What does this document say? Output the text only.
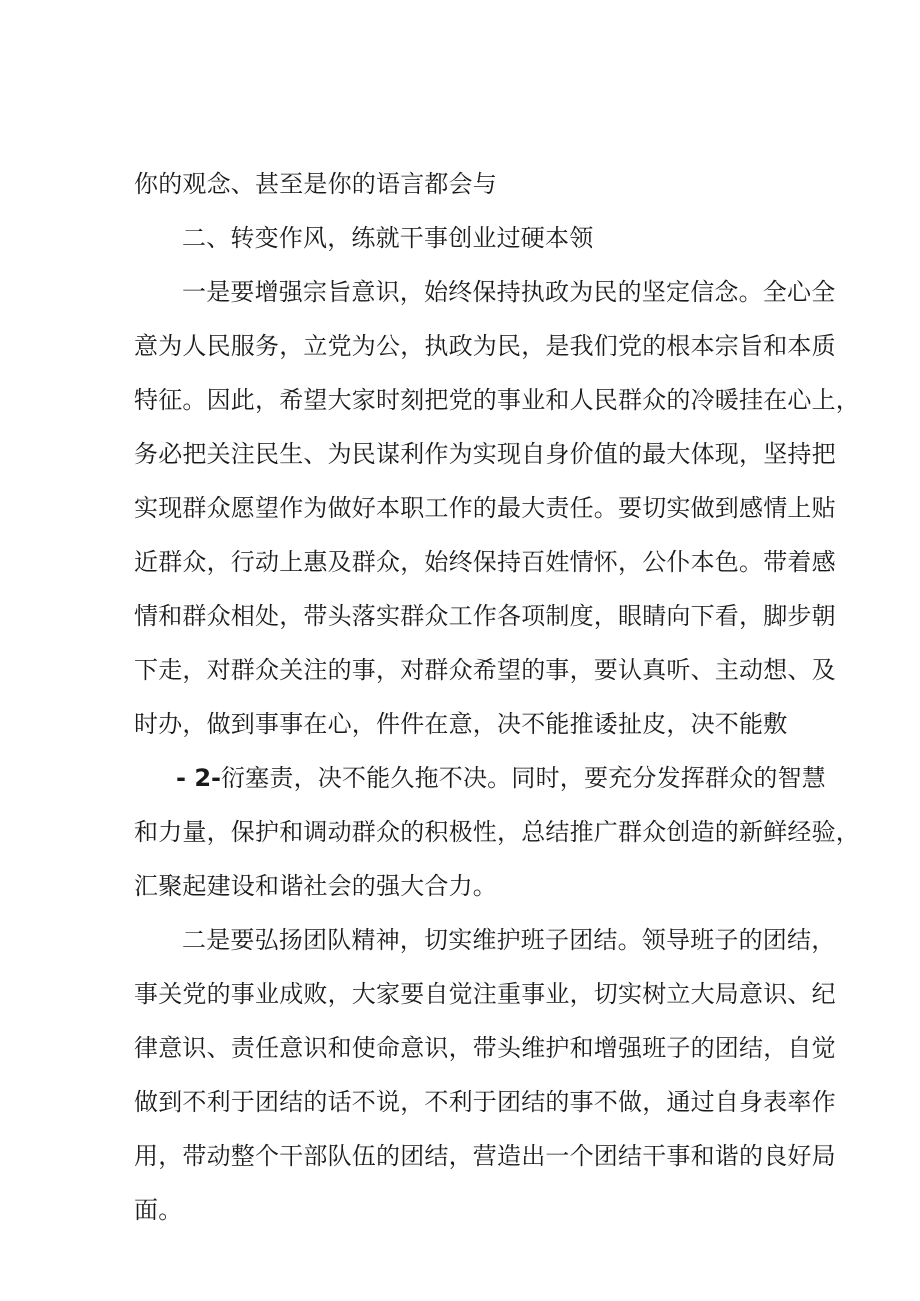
你的观念、甚至是你的语言都会与
二、转变作风，练就干事创业过硬本领
一是要增强宗旨意识，始终保持执政为民的坚定信念。全心全
意为人民服务，立党为公，执政为民，是我们党的根本宗旨和本质
特征。因此，希望大家时刻把党的事业和人民群众的冷暖挂在心上，
务必把关注民生、为民谋利作为实现自身价值的最大体现，坚持把
实现群众愿望作为做好本职工作的最大责任。要切实做到感情上贴
近群众，行动上惠及群众，始终保持百姓情怀，公仆本色。带着感
情和群众相处，带头落实群众工作各项制度，眼睛向下看，脚步朝
下走，对群众关注的事，对群众希望的事，要认真听、主动想、及
时办，做到事事在心，件件在意，决不能推诿扯皮，决不能敷
- 2-衍塞责，决不能久拖不决。同时，要充分发挥群众的智慧
和力量，保护和调动群众的积极性，总结推广群众创造的新鲜经验，
汇聚起建设和谐社会的强大合力。
二是要弘扬团队精神，切实维护班子团结。领导班子的团结，
事关党的事业成败，大家要自觉注重事业，切实树立大局意识、纪
律意识、责任意识和使命意识，带头维护和增强班子的团结，自觉
做到不利于团结的话不说，不利于团结的事不做，通过自身表率作
用，带动整个干部队伍的团结，营造出一个团结干事和谐的良好局
面。
